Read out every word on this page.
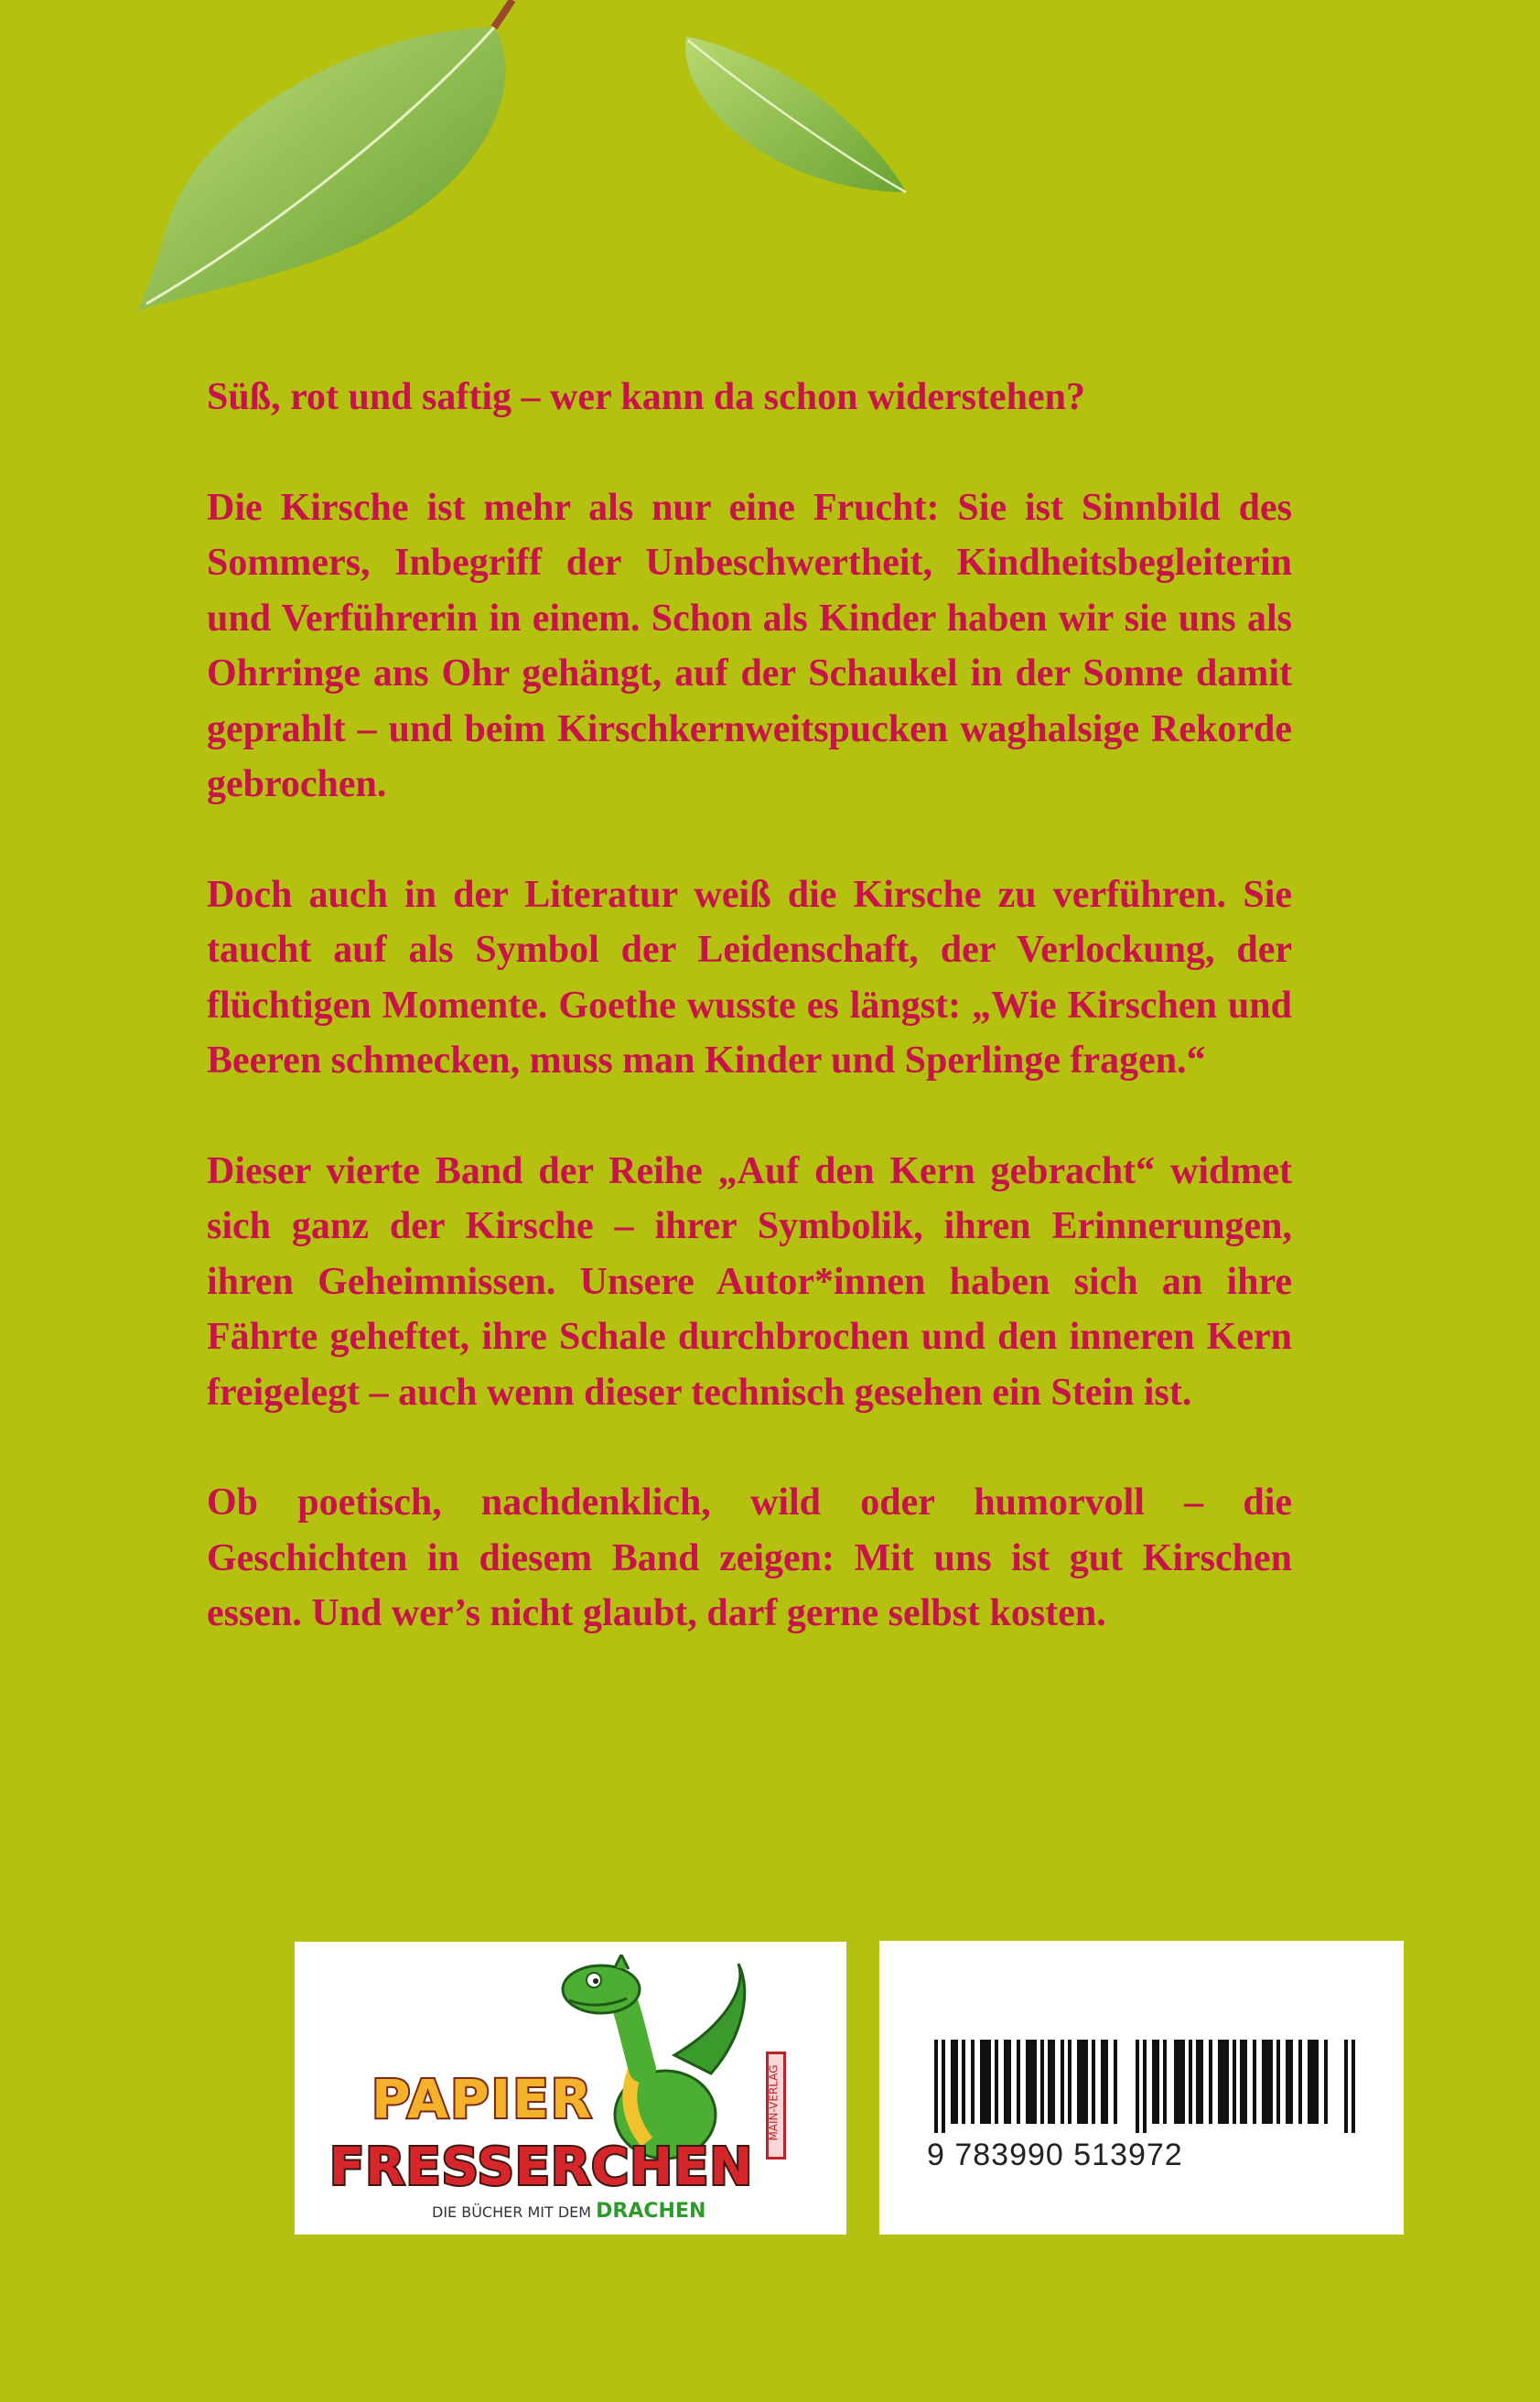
Süß, rot und saftig – wer kann da schon widerstehen?

Die Kirsche ist mehr als nur eine Frucht: Sie ist Sinnbild des Sommers, Inbegriff der Unbeschwertheit, Kindheitsbegleiterin und Verführerin in einem. Schon als Kinder haben wir sie uns als Ohrringe ans Ohr gehängt, auf der Schaukel in der Sonne damit geprahlt – und beim Kirschkernweitspucken waghalsige Rekorde gebrochen.

Doch auch in der Literatur weiß die Kirsche zu verführen. Sie taucht auf als Symbol der Leidenschaft, der Verlockung, der flüchtigen Momente. Goethe wusste es längst: „Wie Kirschen und Beeren schmecken, muss man Kinder und Sperlinge fragen.“

Dieser vierte Band der Reihe „Auf den Kern gebracht“ widmet sich ganz der Kirsche – ihrer Symbolik, ihren Erinnerungen, ihren Geheimnissen. Unsere Autor*innen haben sich an ihre Fährte geheftet, ihre Schale durchbrochen und den inneren Kern freigelegt – auch wenn dieser technisch gesehen ein Stein ist.

Ob poetisch, nachdenklich, wild oder humorvoll – die Geschichten in diesem Band zeigen: Mit uns ist gut Kirschen essen. Und wer’s nicht glaubt, darf gerne selbst kosten.

MAIN-VERLAG
PAPIER
FRESSERCHEN
DIE BÜCHER MIT DEM DRACHEN
9 783990 513972
